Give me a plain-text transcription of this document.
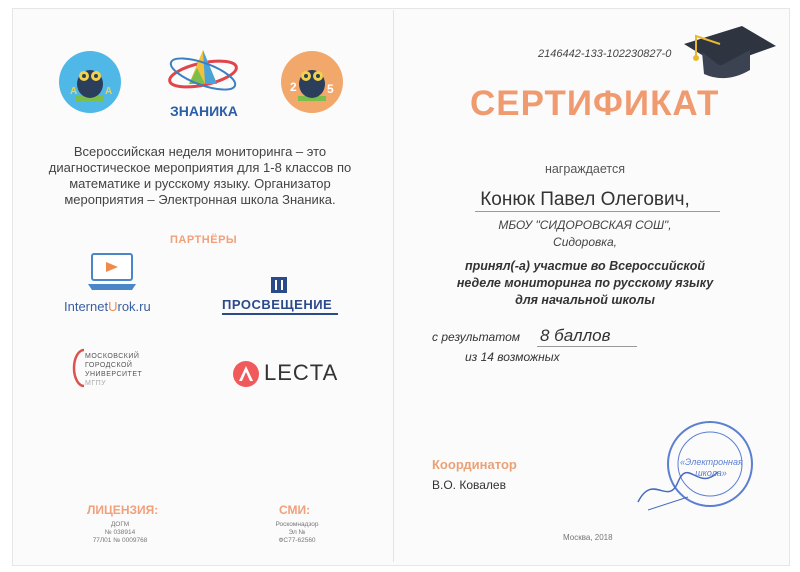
А	А
ЗНАНИКА
2	5
Всероссийская неделя мониторинга – это диагностическое мероприятия для 1-8 классов по математике и русскому языку. Организатор мероприятия – Электронная школа Знаника.
ПАРТНЁРЫ
InternetUrok.ru	ПРОСВЕЩЕНИЕ
МОСКОВСКИЙ
ГОРОДСКОЙ
УНИВЕРСИТЕТ
МГПУ	LECTA
ЛИЦЕНЗИЯ:
ДОГМ
№ 038914
77Л01 № 0009768
СМИ:
Роскомнадзор
Эл №
ФС77-62560
2146442-133-102230827-0
СЕРТИФИКАТ
награждается
Конюк Павел Олегович,
МБОУ "СИДОРОВСКАЯ СОШ",
Сидоровка,
принял(-а) участие во Всероссийской
неделе мониторинга по русскому языку
для начальной школы
с результатом 8 баллов
из 14 возможных
Координатор
В.О. Ковалев
«Электронная
школа»
Москва, 2018
